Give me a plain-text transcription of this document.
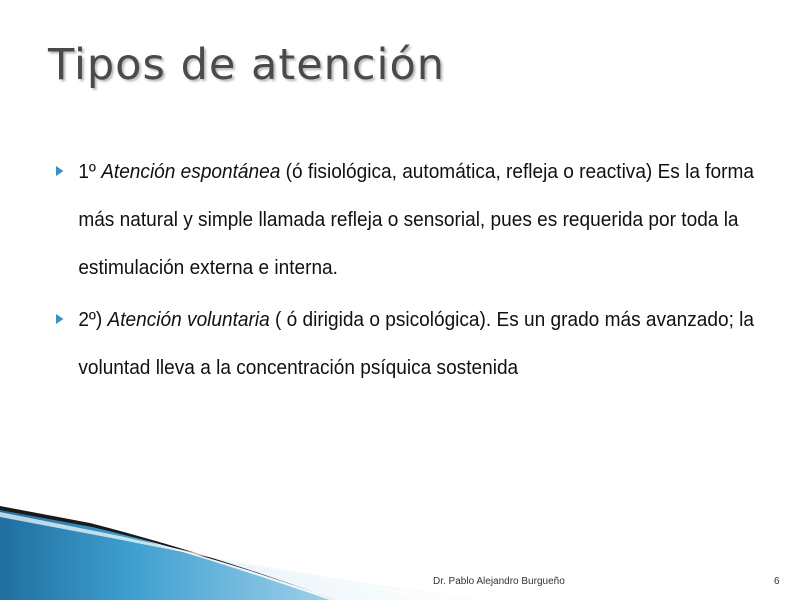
Tipos de atención
1º Atención espontánea (ó fisiológica, automática, refleja o reactiva) Es la forma más natural y simple llamada refleja o sensorial, pues es requerida por toda la estimulación externa e interna.
2º) Atención voluntaria ( ó dirigida o psicológica). Es un grado más avanzado; la voluntad lleva a la concentración psíquica sostenida
Dr. Pablo Alejandro Burgueño	6
